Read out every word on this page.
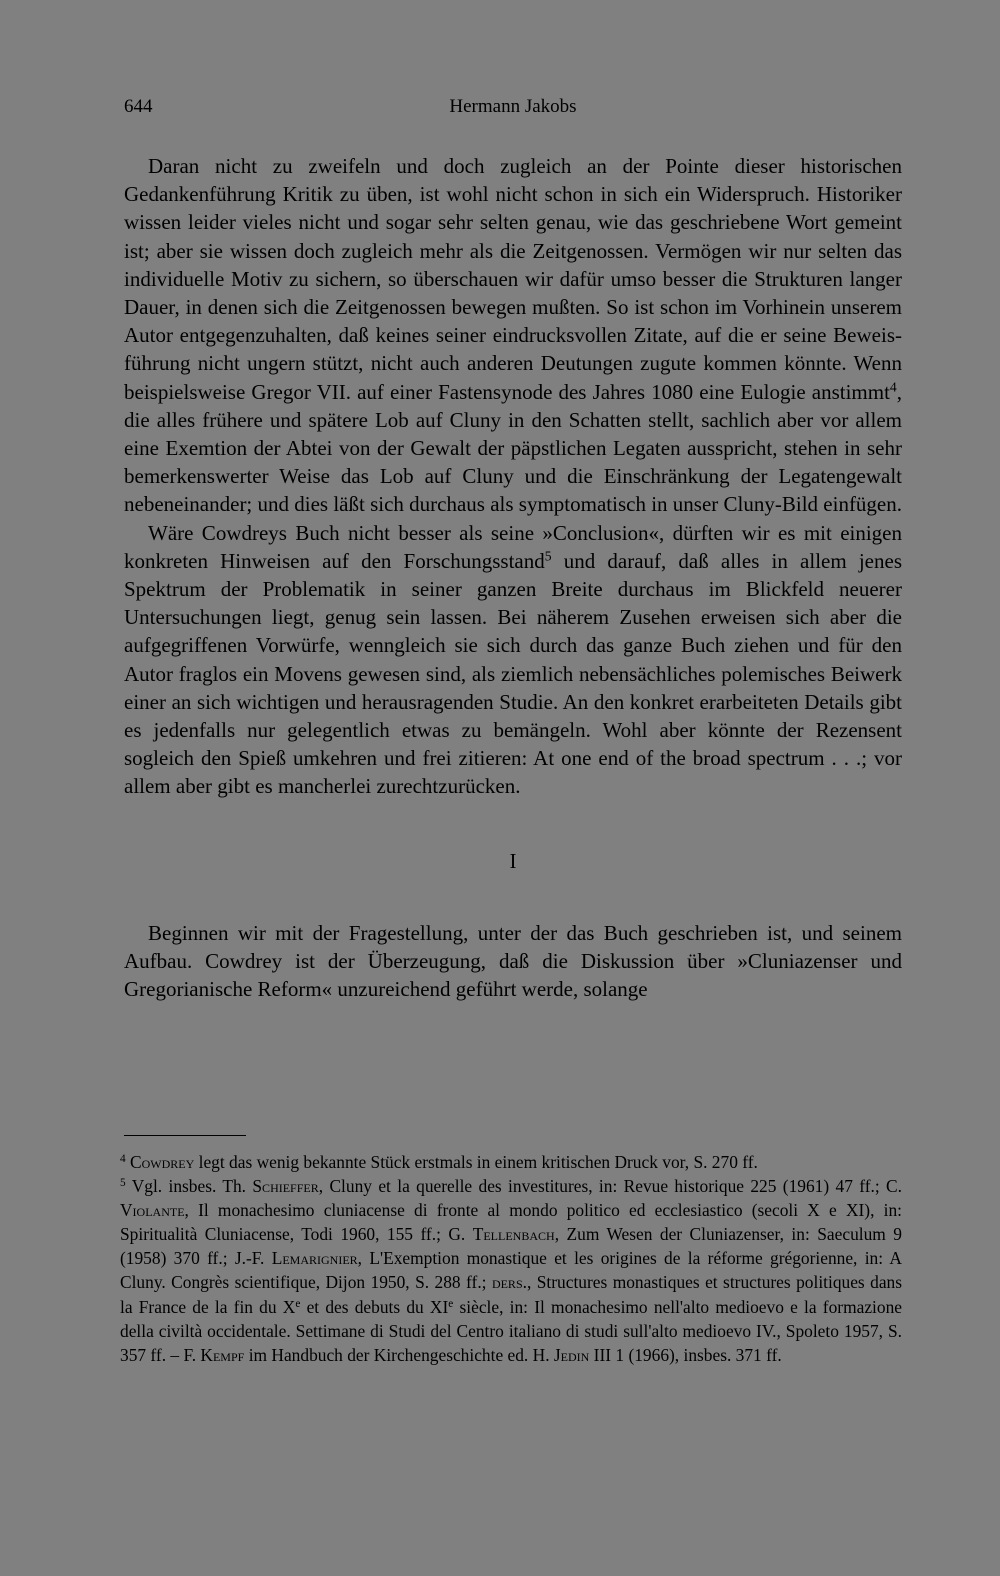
644	Hermann Jakobs

Daran nicht zu zweifeln und doch zugleich an der Pointe dieser historischen Gedankenführung Kritik zu üben, ist wohl nicht schon in sich ein Widerspruch. Historiker wissen leider vieles nicht und sogar sehr selten genau, wie das geschriebene Wort gemeint ist; aber sie wissen doch zugleich mehr als die Zeitgenossen. Vermögen wir nur selten das individuelle Motiv zu sichern, so überschauen wir dafür umso besser die Strukturen langer Dauer, in denen sich die Zeitgenossen bewegen mußten. So ist schon im Vorhinein unserem Autor entgegenzuhalten, daß keines seiner eindrucksvollen Zitate, auf die er seine Beweisführung nicht ungern stützt, nicht auch anderen Deutungen zugute kommen könnte. Wenn beispielsweise Gregor VII. auf einer Fastensynode des Jahres 1080 eine Eulogie anstimmt$^4$, die alles frühere und spätere Lob auf Cluny in den Schatten stellt, sachlich aber vor allem eine Exemtion der Abtei von der Gewalt der päpstlichen Legaten ausspricht, stehen in sehr bemerkenswerter Weise das Lob auf Cluny und die Einschränkung der Legatengewalt nebeneinander; und dies läßt sich durchaus als symptomatisch in unser Cluny-Bild einfügen.

Wäre Cowdreys Buch nicht besser als seine »Conclusion«, dürften wir es mit einigen konkreten Hinweisen auf den Forschungsstand$^5$ und darauf, daß alles in allem jenes Spektrum der Problematik in seiner ganzen Breite durchaus im Blickfeld neuerer Untersuchungen liegt, genug sein lassen. Bei näherem Zusehen erweisen sich aber die aufgegriffenen Vorwürfe, wenngleich sie sich durch das ganze Buch ziehen und für den Autor fraglos ein Movens gewesen sind, als ziemlich nebensächliches polemisches Beiwerk einer an sich wichtigen und herausragenden Studie. An den konkret erarbeiteten Details gibt es jedenfalls nur gelegentlich etwas zu bemängeln. Wohl aber könnte der Rezensent sogleich den Spieß umkehren und frei zitieren: At one end of the broad spectrum . . .; vor allem aber gibt es mancherlei zurechtzurücken.

I

Beginnen wir mit der Fragestellung, unter der das Buch geschrieben ist, und seinem Aufbau. Cowdrey ist der Überzeugung, daß die Diskussion über »Cluniazenser und Gregorianische Reform« unzureichend geführt werde, solange

$^4$ Cowdrey legt das wenig bekannte Stück erstmals in einem kritischen Druck vor, S. 270 ff.

$^5$ Vgl. insbes. Th. Schieffer, Cluny et la querelle des investitures, in: Revue historique 225 (1961) 47 ff.; C. Violante, Il monachesimo cluniacense di fronte al mondo politico ed ecclesiastico (secoli X e XI), in: Spiritualità Cluniacense, Todi 1960, 155 ff.; G. Tellenbach, Zum Wesen der Cluniazenser, in: Saeculum 9 (1958) 370 ff.; J.-F. Lemarignier, L'Exemption monastique et les origines de la réforme grégorienne, in: A Cluny. Congrès scientifique, Dijon 1950, S. 288 ff.; ders., Structures monastiques et structures politiques dans la France de la fin du Xe et des debuts du XIe siècle, in: Il monachesimo nell'alto medioevo e la formazione della civiltà occidentale. Settimane di Studi del Centro italiano di studi sull'alto medioevo IV., Spoleto 1957, S. 357 ff. – F. Kempf im Handbuch der Kirchengeschichte ed. H. Jedin III 1 (1966), insbes. 371 ff.
